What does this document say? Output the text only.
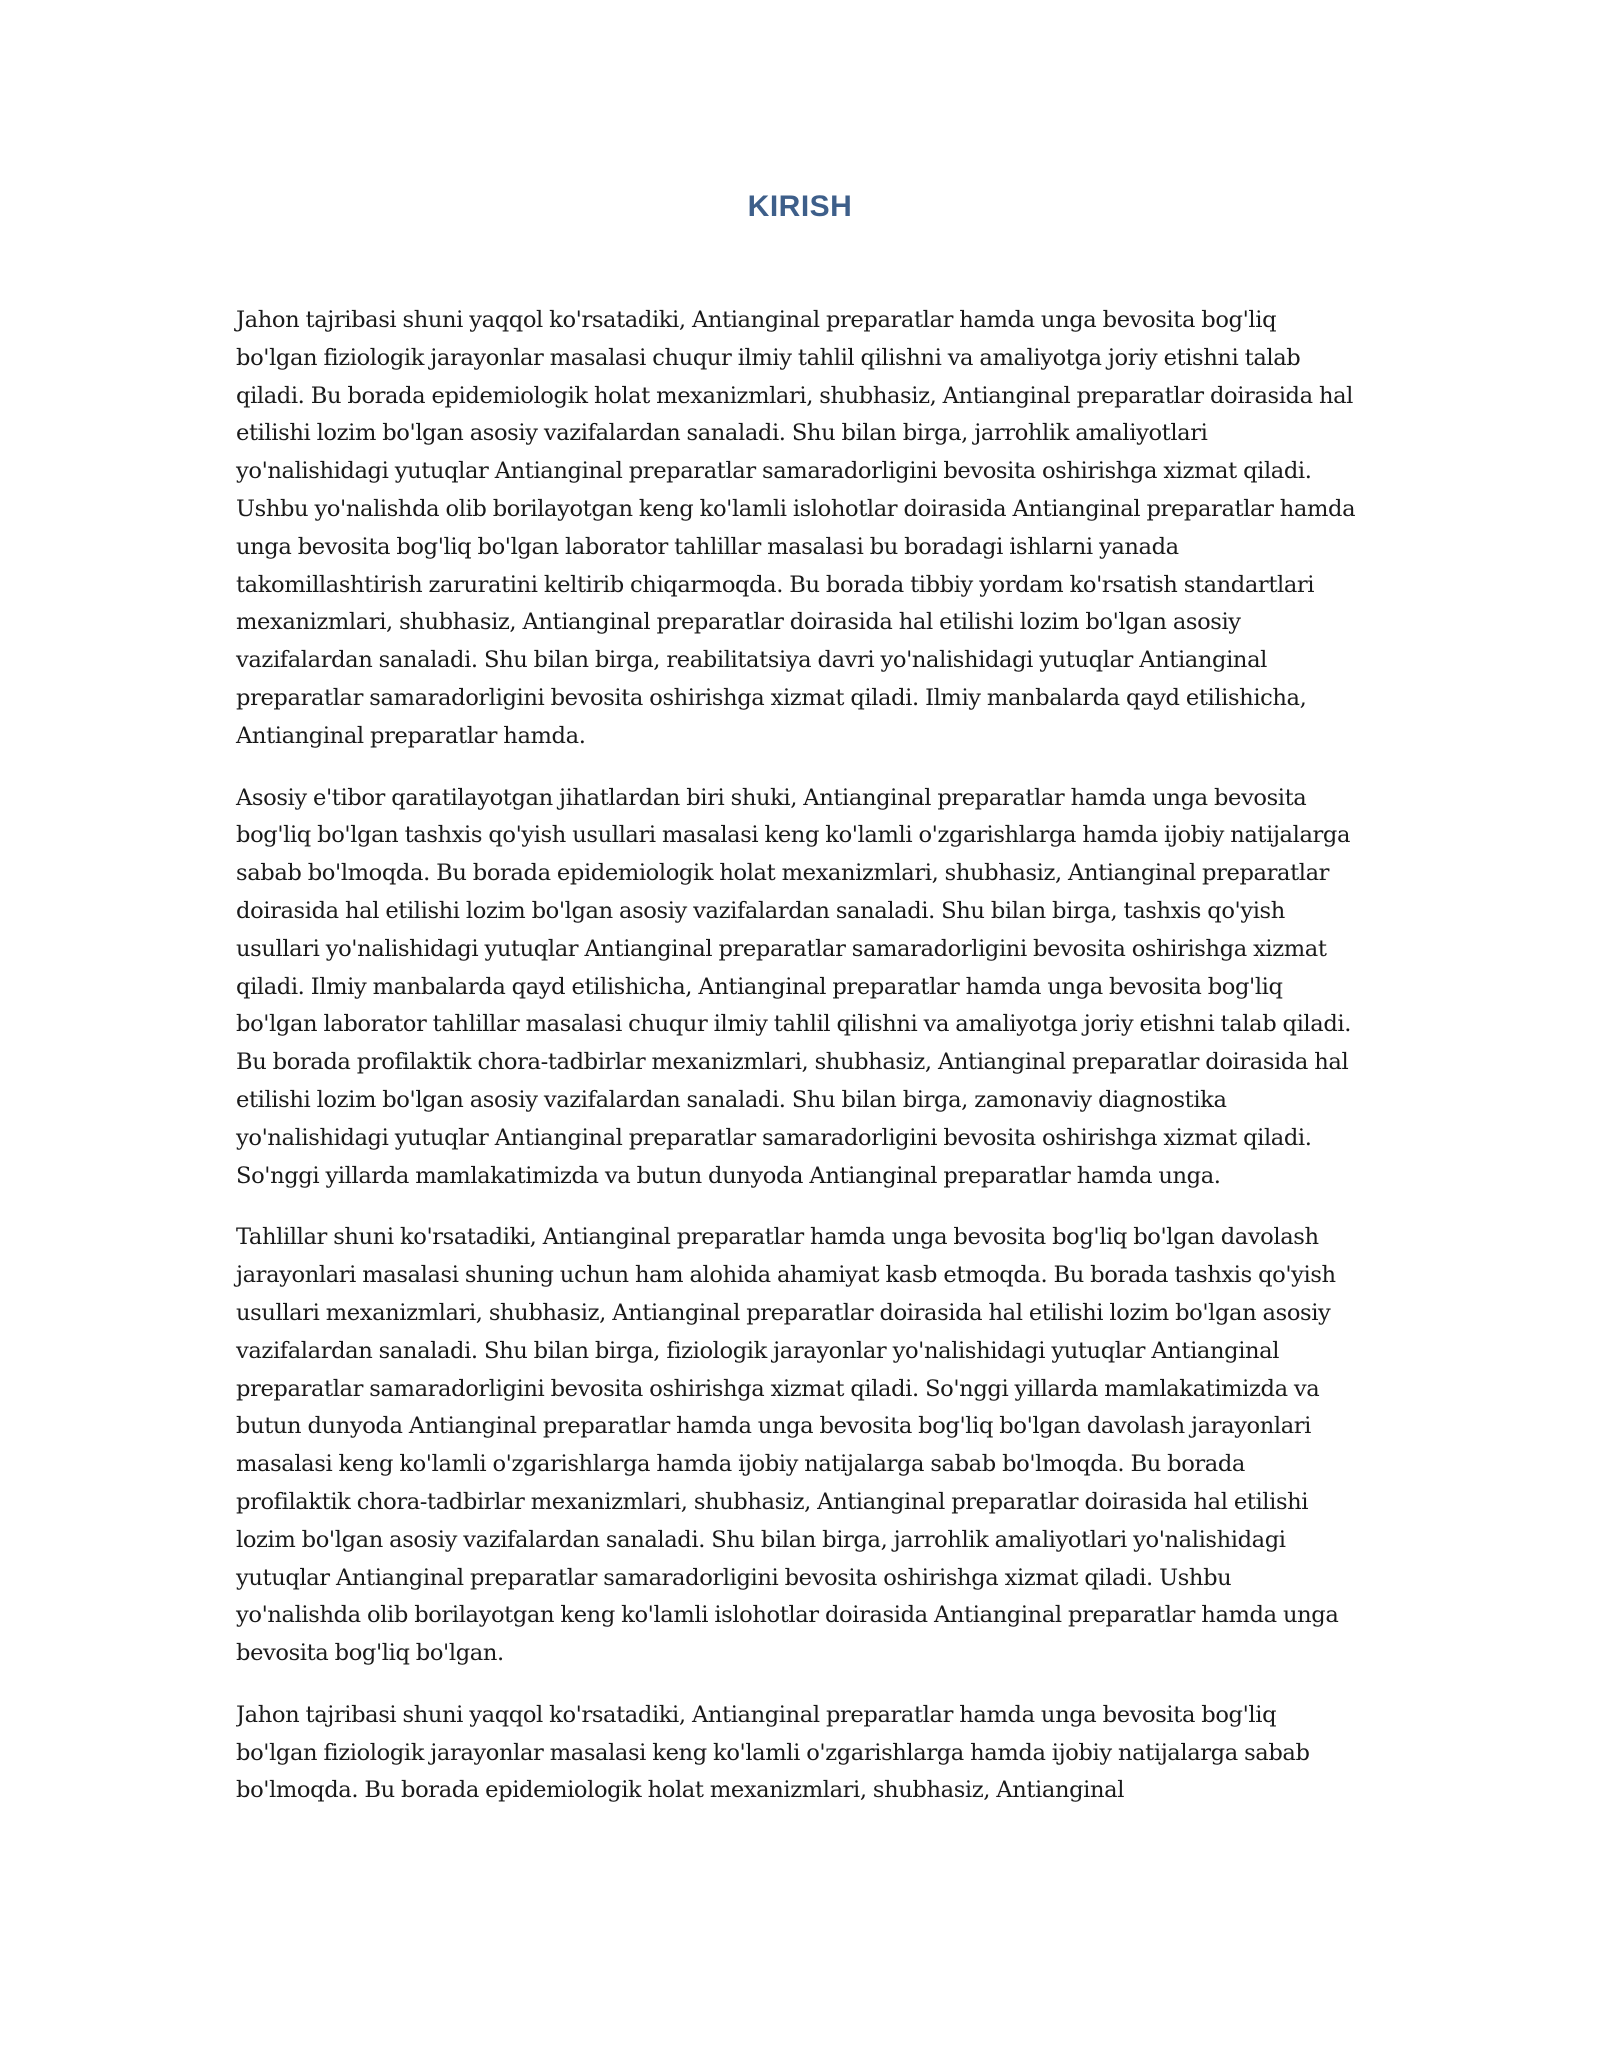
KIRISH

Jahon tajribasi shuni yaqqol ko'rsatadiki, Antianginal preparatlar hamda unga bevosita bog'liq bo'lgan fiziologik jarayonlar masalasi chuqur ilmiy tahlil qilishni va amaliyotga joriy etishni talab qiladi. Bu borada epidemiologik holat mexanizmlari, shubhasiz, Antianginal preparatlar doirasida hal etilishi lozim bo'lgan asosiy vazifalardan sanaladi. Shu bilan birga, jarrohlik amaliyotlari yo'nalishidagi yutuqlar Antianginal preparatlar samaradorligini bevosita oshirishga xizmat qiladi. Ushbu yo'nalishda olib borilayotgan keng ko'lamli islohotlar doirasida Antianginal preparatlar hamda unga bevosita bog'liq bo'lgan laborator tahlillar masalasi bu boradagi ishlarni yanada takomillashtirish zaruratini keltirib chiqarmoqda. Bu borada tibbiy yordam ko'rsatish standartlari mexanizmlari, shubhasiz, Antianginal preparatlar doirasida hal etilishi lozim bo'lgan asosiy vazifalardan sanaladi. Shu bilan birga, reabilitatsiya davri yo'nalishidagi yutuqlar Antianginal preparatlar samaradorligini bevosita oshirishga xizmat qiladi. Ilmiy manbalarda qayd etilishicha, Antianginal preparatlar hamda.

Asosiy e'tibor qaratilayotgan jihatlardan biri shuki, Antianginal preparatlar hamda unga bevosita bog'liq bo'lgan tashxis qo'yish usullari masalasi keng ko'lamli o'zgarishlarga hamda ijobiy natijalarga sabab bo'lmoqda. Bu borada epidemiologik holat mexanizmlari, shubhasiz, Antianginal preparatlar doirasida hal etilishi lozim bo'lgan asosiy vazifalardan sanaladi. Shu bilan birga, tashxis qo'yish usullari yo'nalishidagi yutuqlar Antianginal preparatlar samaradorligini bevosita oshirishga xizmat qiladi. Ilmiy manbalarda qayd etilishicha, Antianginal preparatlar hamda unga bevosita bog'liq bo'lgan laborator tahlillar masalasi chuqur ilmiy tahlil qilishni va amaliyotga joriy etishni talab qiladi. Bu borada profilaktik chora-tadbirlar mexanizmlari, shubhasiz, Antianginal preparatlar doirasida hal etilishi lozim bo'lgan asosiy vazifalardan sanaladi. Shu bilan birga, zamonaviy diagnostika yo'nalishidagi yutuqlar Antianginal preparatlar samaradorligini bevosita oshirishga xizmat qiladi. So'nggi yillarda mamlakatimizda va butun dunyoda Antianginal preparatlar hamda unga.

Tahlillar shuni ko'rsatadiki, Antianginal preparatlar hamda unga bevosita bog'liq bo'lgan davolash jarayonlari masalasi shuning uchun ham alohida ahamiyat kasb etmoqda. Bu borada tashxis qo'yish usullari mexanizmlari, shubhasiz, Antianginal preparatlar doirasida hal etilishi lozim bo'lgan asosiy vazifalardan sanaladi. Shu bilan birga, fiziologik jarayonlar yo'nalishidagi yutuqlar Antianginal preparatlar samaradorligini bevosita oshirishga xizmat qiladi. So'nggi yillarda mamlakatimizda va butun dunyoda Antianginal preparatlar hamda unga bevosita bog'liq bo'lgan davolash jarayonlari masalasi keng ko'lamli o'zgarishlarga hamda ijobiy natijalarga sabab bo'lmoqda. Bu borada profilaktik chora-tadbirlar mexanizmlari, shubhasiz, Antianginal preparatlar doirasida hal etilishi lozim bo'lgan asosiy vazifalardan sanaladi. Shu bilan birga, jarrohlik amaliyotlari yo'nalishidagi yutuqlar Antianginal preparatlar samaradorligini bevosita oshirishga xizmat qiladi. Ushbu yo'nalishda olib borilayotgan keng ko'lamli islohotlar doirasida Antianginal preparatlar hamda unga bevosita bog'liq bo'lgan.

Jahon tajribasi shuni yaqqol ko'rsatadiki, Antianginal preparatlar hamda unga bevosita bog'liq bo'lgan fiziologik jarayonlar masalasi keng ko'lamli o'zgarishlarga hamda ijobiy natijalarga sabab bo'lmoqda. Bu borada epidemiologik holat mexanizmlari, shubhasiz, Antianginal
